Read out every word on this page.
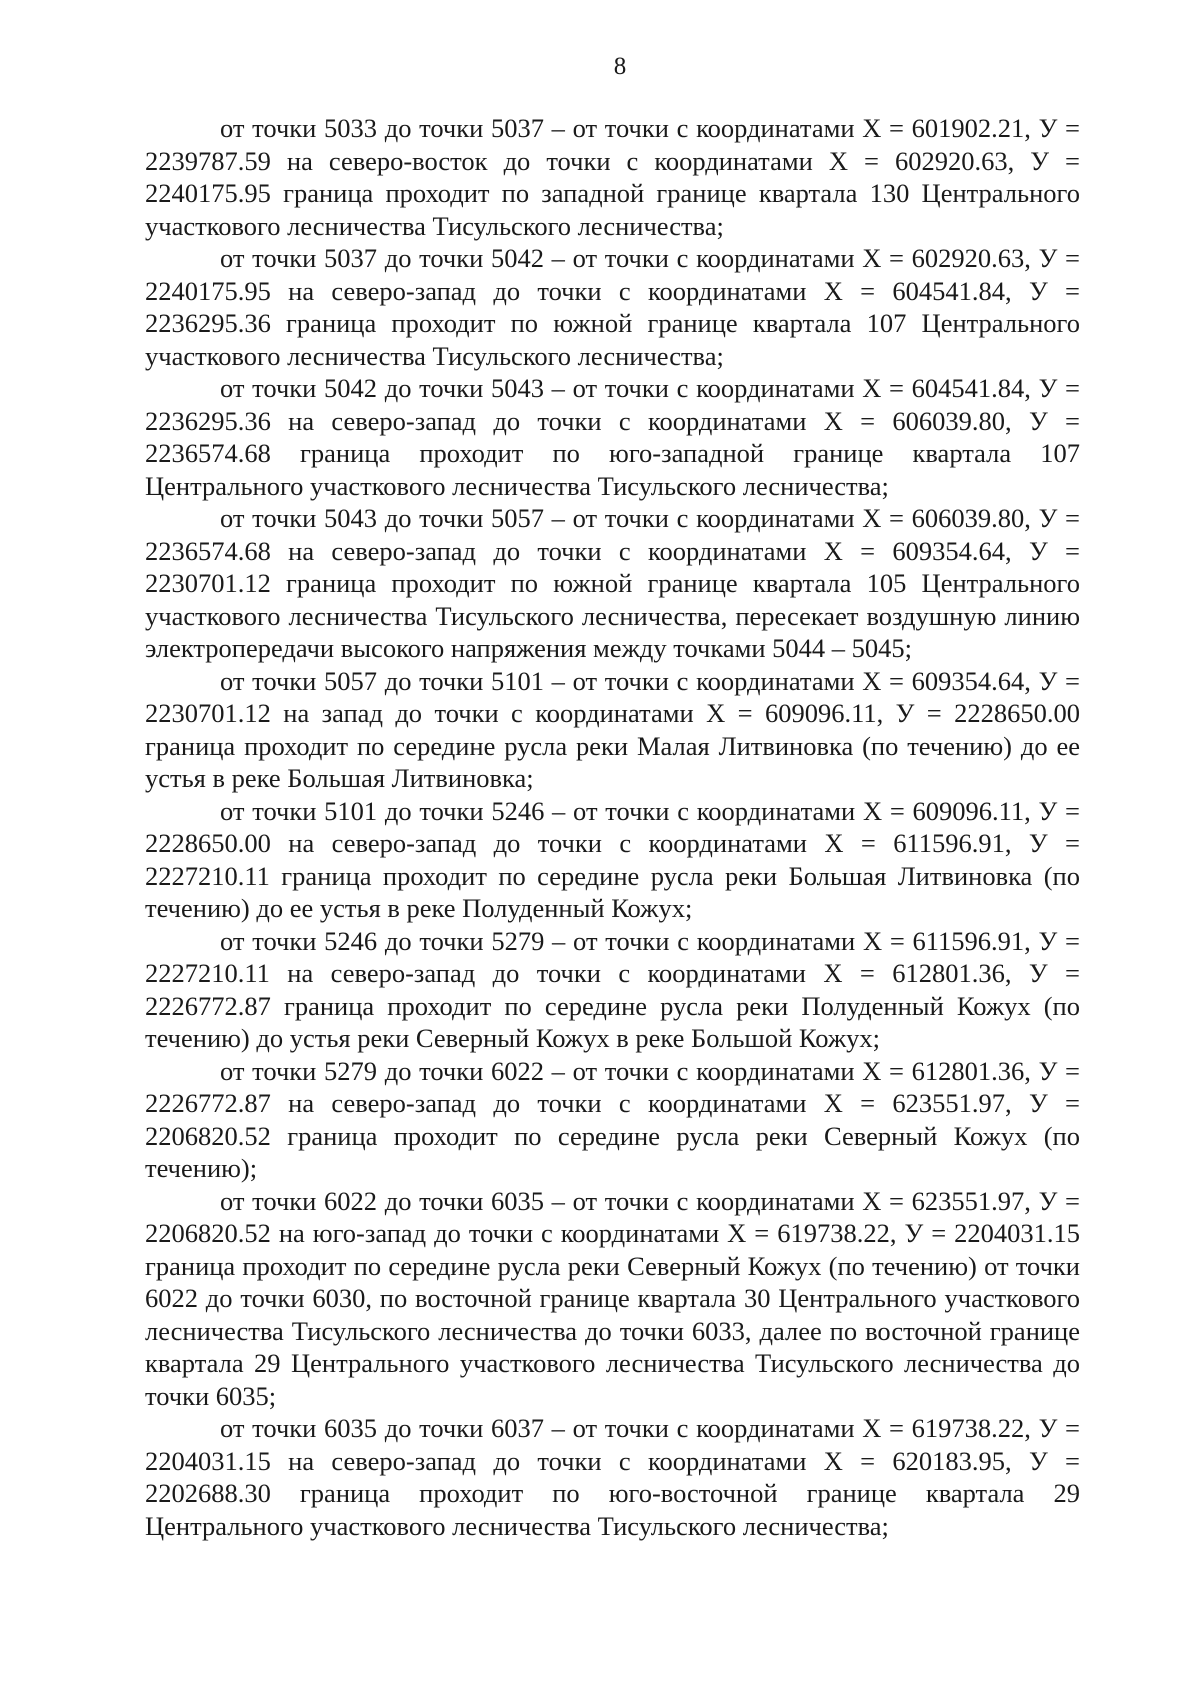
8

от точки 5033 до точки 5037 – от точки с координатами Х = 601902.21, У = 2239787.59 на северо-восток до точки с координатами Х = 602920.63, У = 2240175.95 граница проходит по западной границе квартала 130 Центрального участкового лесничества Тисульского лесничества;

от точки 5037 до точки 5042 – от точки с координатами Х = 602920.63, У = 2240175.95 на северо-запад до точки с координатами Х = 604541.84, У = 2236295.36 граница проходит по южной границе квартала 107 Центрального участкового лесничества Тисульского лесничества;

от точки 5042 до точки 5043 – от точки с координатами Х = 604541.84, У = 2236295.36 на северо-запад до точки с координатами Х = 606039.80, У = 2236574.68 граница проходит по юго-западной границе квартала 107 Центрального участкового лесничества Тисульского лесничества;

от точки 5043 до точки 5057 – от точки с координатами Х = 606039.80, У = 2236574.68 на северо-запад до точки с координатами Х = 609354.64, У = 2230701.12 граница проходит по южной границе квартала 105 Центрального участкового лесничества Тисульского лесничества, пересекает воздушную линию электропередачи высокого напряжения между точками 5044 – 5045;

от точки 5057 до точки 5101 – от точки с координатами Х = 609354.64, У = 2230701.12 на запад до точки с координатами Х = 609096.11, У = 2228650.00 граница проходит по середине русла реки Малая Литвиновка (по течению) до ее устья в реке Большая Литвиновка;

от точки 5101 до точки 5246 – от точки с координатами Х = 609096.11, У = 2228650.00 на северо-запад до точки с координатами Х = 611596.91, У = 2227210.11 граница проходит по середине русла реки Большая Литвиновка (по течению) до ее устья в реке Полуденный Кожух;

от точки 5246 до точки 5279 – от точки с координатами Х = 611596.91, У = 2227210.11 на северо-запад до точки с координатами Х = 612801.36, У = 2226772.87 граница проходит по середине русла реки Полуденный Кожух (по течению) до устья реки Северный Кожух в реке Большой Кожух;

от точки 5279 до точки 6022 – от точки с координатами Х = 612801.36, У = 2226772.87 на северо-запад до точки с координатами Х = 623551.97, У = 2206820.52 граница проходит по середине русла реки Северный Кожух (по течению);

от точки 6022 до точки 6035 – от точки с координатами Х = 623551.97, У = 2206820.52 на юго-запад до точки с координатами Х = 619738.22, У = 2204031.15 граница проходит по середине русла реки Северный Кожух (по течению) от точки 6022 до точки 6030, по восточной границе квартала 30 Центрального участкового лесничества Тисульского лесничества до точки 6033, далее по восточной границе квартала 29 Центрального участкового лесничества Тисульского лесничества до точки 6035;

от точки 6035 до точки 6037 – от точки с координатами Х = 619738.22, У = 2204031.15 на северо-запад до точки с координатами Х = 620183.95, У = 2202688.30 граница проходит по юго-восточной границе квартала 29 Центрального участкового лесничества Тисульского лесничества;
